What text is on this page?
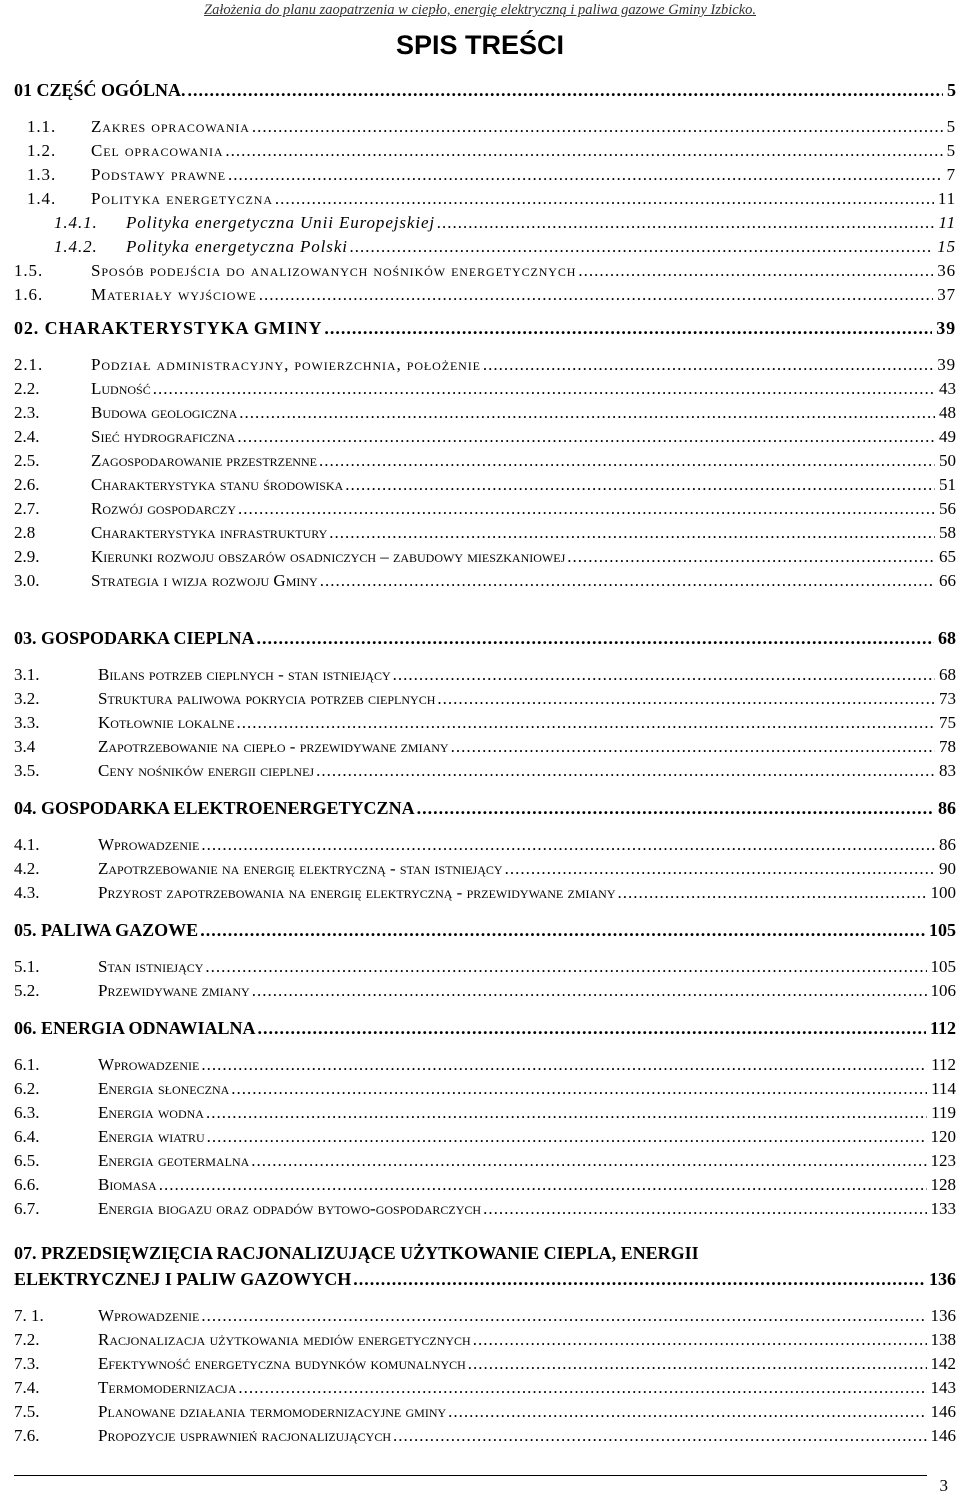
Założenia do planu zaopatrzenia w ciepło, energię elektryczną i paliwa gazowe Gminy Izbicko.
SPIS TREŚCI
01 CZĘŚĆ OGÓLNA. .....	5
1.1. Zakres opracowania .....	5
1.2. Cel opracowania .....	5
1.3. Podstawy prawne .....	7
1.4. Polityka energetyczna .....	11
1.4.1. Polityka energetyczna Unii Europejskiej .....	11
1.4.2. Polityka energetyczna Polski .....	15
1.5.	Sposób podejścia do analizowanych nośników energetycznych .....	36
1.6.	Materiały wyjściowe .....	37
02. CHARAKTERYSTYKA GMINY .....	39
2.1.	Podział administracyjny, powierzchnia, położenie .....	39
2.2.	Ludność .....	43
2.3.	Budowa geologiczna .....	48
2.4.	Sieć hydrograficzna .....	49
2.5.	Zagospodarowanie przestrzenne .....	50
2.6.	Charakterystyka stanu środowiska .....	51
2.7.	Rozwój gospodarczy .....	56
2.8	Charakterystyka infrastruktury .....	58
2.9.	Kierunki rozwoju obszarów osadniczych – zabudowy mieszkaniowej .....	65
3.0.	Strategia i wizja rozwoju Gminy .....	66
03. GOSPODARKA CIEPLNA .....	68
3.1.	Bilans potrzeb cieplnych - stan istniejący .....	68
3.2.	Struktura paliwowa pokrycia potrzeb cieplnych .....	73
3.3.	Kotłownie lokalne .....	75
3.4	Zapotrzebowanie na ciepło - przewidywane zmiany .....	78
3.5.	Ceny nośników energii cieplnej .....	83
04. GOSPODARKA ELEKTROENERGETYCZNA .....	86
4.1.	Wprowadzenie .....	86
4.2.	Zapotrzebowanie na energię elektryczną - stan istniejący .....	90
4.3.	Przyrost zapotrzebowania na energię elektryczną - przewidywane zmiany .....	100
05. PALIWA GAZOWE .....	105
5.1.	Stan istniejący .....	105
5.2.	Przewidywane zmiany .....	106
06. ENERGIA ODNAWIALNA .....	112
6.1.	Wprowadzenie .....	112
6.2.	Energia słoneczna .....	114
6.3.	Energia wodna .....	119
6.4.	Energia wiatru .....	120
6.5.	Energia geotermalna .....	123
6.6.	Biomasa .....	128
6.7.	Energia biogazu oraz odpadów bytowo-gospodarczych .....	133
07. PRZEDSIĘWZIĘCIA RACJONALIZUJĄCE UŻYTKOWANIE CIEPLA, ENERGII
ELEKTRYCZNEJ I PALIW GAZOWYCH .....	136
7. 1.	Wprowadzenie .....	136
7.2.	Racjonalizacja użytkowania mediów energetycznych .....	138
7.3.	Efektywność energetyczna budynków komunalnych .....	142
7.4.	Termomodernizacja .....	143
7.5.	Planowane działania termomodernizacyjne gminy .....	146
7.6.	Propozycje usprawnień racjonalizujących .....	146
3
